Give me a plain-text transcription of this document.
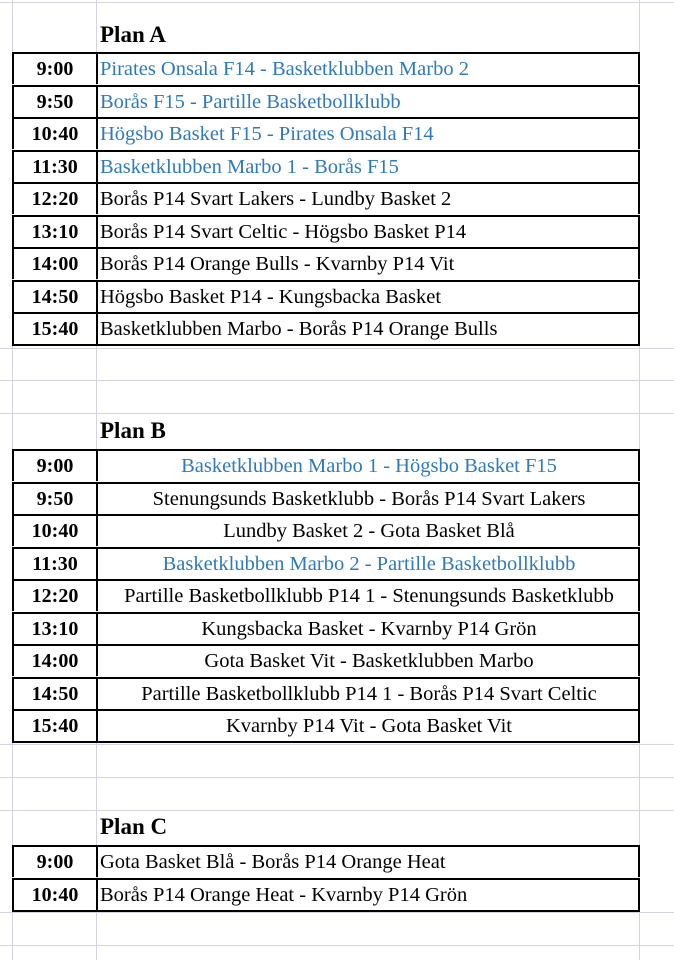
Plan A
9:00	Pirates Onsala F14 - Basketklubben Marbo 2
9:50	Borås F15 - Partille Basketbollklubb
10:40	Högsbo Basket F15 - Pirates Onsala F14
11:30	Basketklubben Marbo 1 - Borås F15
12:20	Borås P14 Svart Lakers - Lundby Basket 2
13:10	Borås P14 Svart Celtic - Högsbo Basket P14
14:00	Borås P14 Orange Bulls - Kvarnby P14 Vit
14:50	Högsbo Basket P14 - Kungsbacka Basket
15:40	Basketklubben Marbo - Borås P14 Orange Bulls
Plan B
9:00	Basketklubben Marbo 1 - Högsbo Basket F15
9:50	Stenungsunds Basketklubb - Borås P14 Svart Lakers
10:40	Lundby Basket 2 - Gota Basket Blå
11:30	Basketklubben Marbo 2 - Partille Basketbollklubb
12:20	Partille Basketbollklubb P14 1 - Stenungsunds Basketklubb
13:10	Kungsbacka Basket - Kvarnby P14 Grön
14:00	Gota Basket Vit - Basketklubben Marbo
14:50	Partille Basketbollklubb P14 1 - Borås P14 Svart Celtic
15:40	Kvarnby P14 Vit - Gota Basket Vit
Plan C
9:00	Gota Basket Blå - Borås P14 Orange Heat
10:40	Borås P14 Orange Heat - Kvarnby P14 Grön
